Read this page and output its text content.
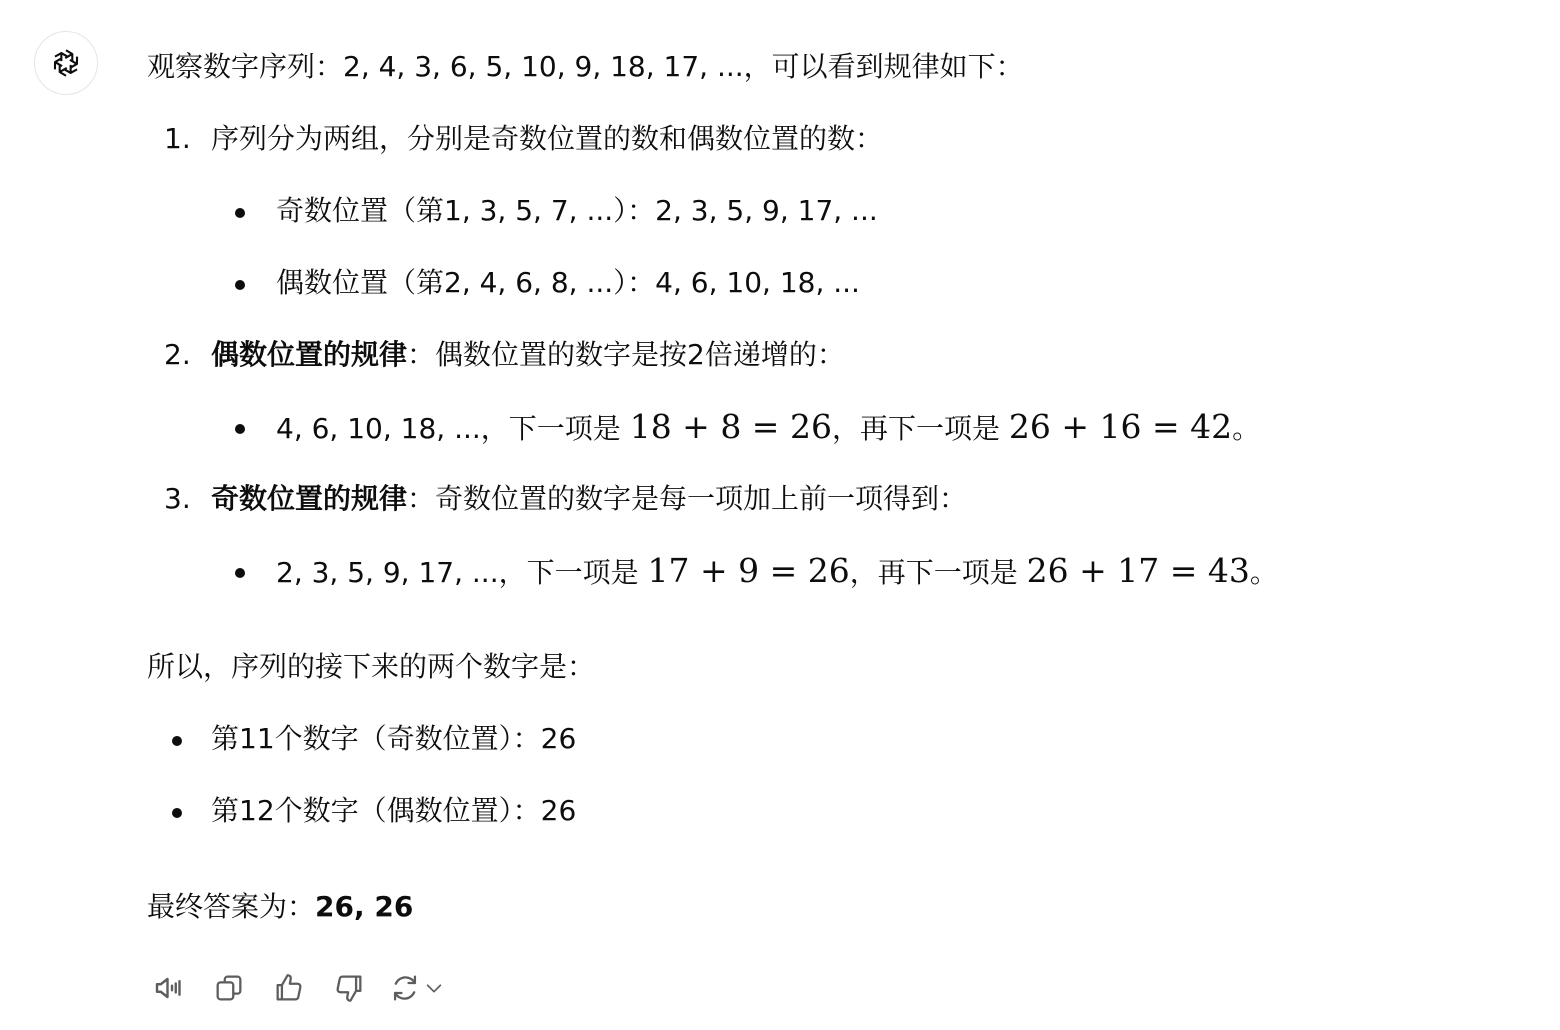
观察数字序列：2, 4, 3, 6, 5, 10, 9, 18, 17, ...，可以看到规律如下：
1. 序列分为两组，分别是奇数位置的数和偶数位置的数：
奇数位置（第1, 3, 5, 7, ...）：2, 3, 5, 9, 17, ...
偶数位置（第2, 4, 6, 8, ...）：4, 6, 10, 18, ...
2. 偶数位置的规律：偶数位置的数字是按2倍递增的：
4, 6, 10, 18, ...，下一项是 18 + 8 = 26，再下一项是 26 + 16 = 42。
3. 奇数位置的规律：奇数位置的数字是每一项加上前一项得到：
2, 3, 5, 9, 17, ...，下一项是 17 + 9 = 26，再下一项是 26 + 17 = 43。
所以，序列的接下来的两个数字是：
第11个数字（奇数位置）：26
第12个数字（偶数位置）：26
最终答案为：26, 26
